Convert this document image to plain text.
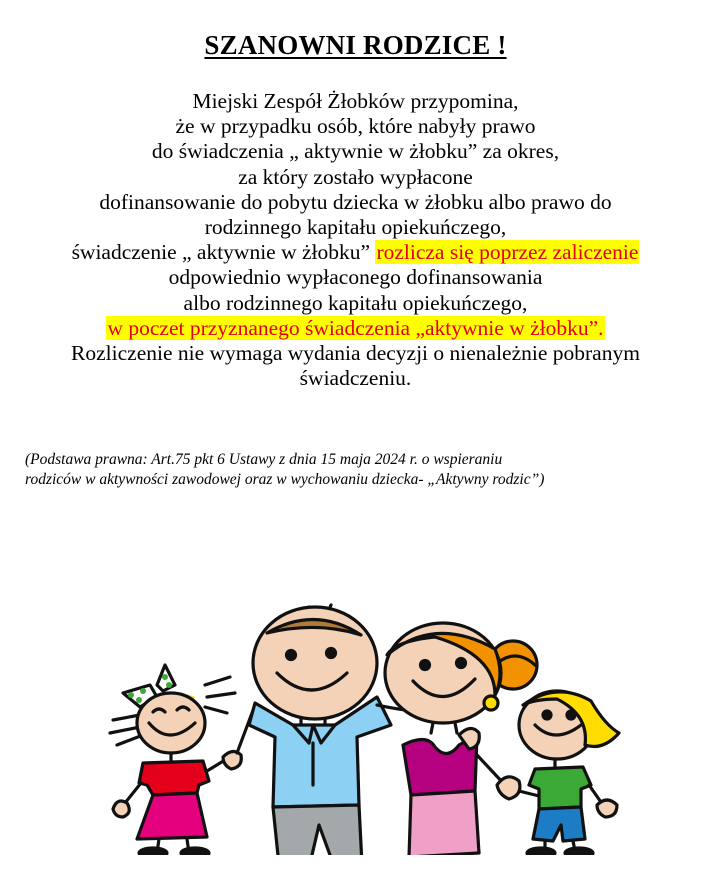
SZANOWNI RODZICE !
Miejski Zespół Żłobków przypomina,
że w przypadku osób, które nabyły prawo
do świadczenia „ aktywnie w żłobku” za okres,
za który zostało wypłacone
dofinansowanie do pobytu dziecka w żłobku albo prawo do
rodzinnego kapitału opiekuńczego,
świadczenie „ aktywnie w żłobku” rozlicza się poprzez zaliczenie
odpowiednio wypłaconego dofinansowania
albo rodzinnego kapitału opiekuńczego,
w poczet przyznanego świadczenia „aktywnie w żłobku”.
Rozliczenie nie wymaga wydania decyzji o nienależnie pobranym
świadczeniu.
(Podstawa prawna: Art.75 pkt 6 Ustawy z dnia 15 maja 2024 r. o wspieraniu
rodziców w aktywności zawodowej oraz w wychowaniu dziecka- „Aktywny rodzic”)
